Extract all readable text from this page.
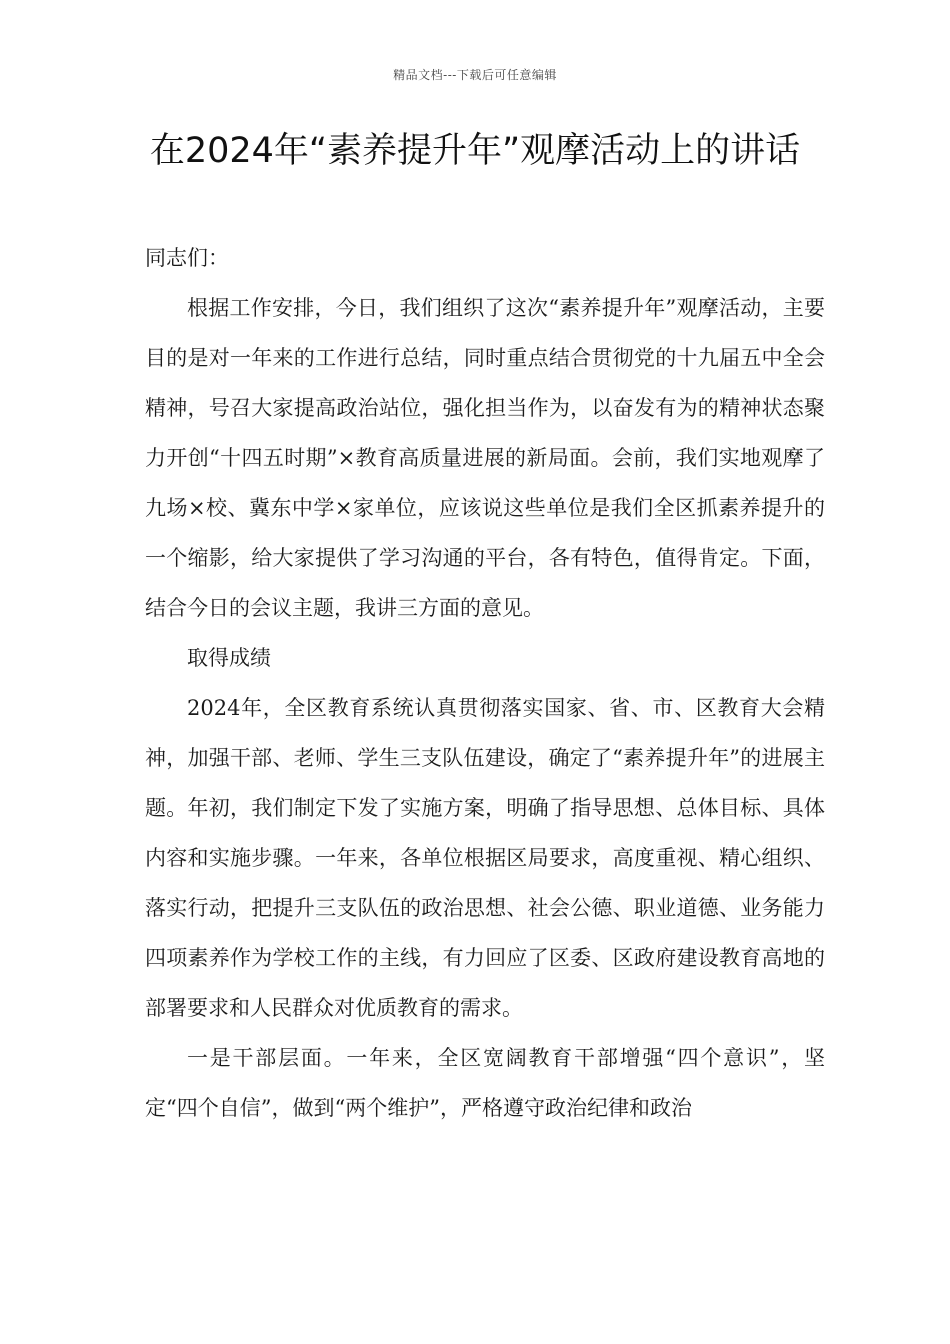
精品文档---下载后可任意编辑
在2024年“素养提升年”观摩活动上的讲话

同志们：

根据工作安排，今日，我们组织了这次“素养提升年”观摩活动，主要目的是对一年来的工作进行总结，同时重点结合贯彻党的十九届五中全会精神，号召大家提高政治站位，强化担当作为，以奋发有为的精神状态聚力开创“十四五时期”×教育高质量进展的新局面。会前，我们实地观摩了九场×校、冀东中学×家单位，应该说这些单位是我们全区抓素养提升的一个缩影，给大家提供了学习沟通的平台，各有特色，值得肯定。下面，结合今日的会议主题，我讲三方面的意见。

取得成绩

2024年，全区教育系统认真贯彻落实国家、省、市、区教育大会精神，加强干部、老师、学生三支队伍建设，确定了“素养提升年”的进展主题。年初，我们制定下发了实施方案，明确了指导思想、总体目标、具体内容和实施步骤。一年来，各单位根据区局要求，高度重视、精心组织、落实行动，把提升三支队伍的政治思想、社会公德、职业道德、业务能力四项素养作为学校工作的主线，有力回应了区委、区政府建设教育高地的部署要求和人民群众对优质教育的需求。

一是干部层面。一年来，全区宽阔教育干部增强“四个意识”，坚定“四个自信”，做到“两个维护”，严格遵守政治纪律和政治
